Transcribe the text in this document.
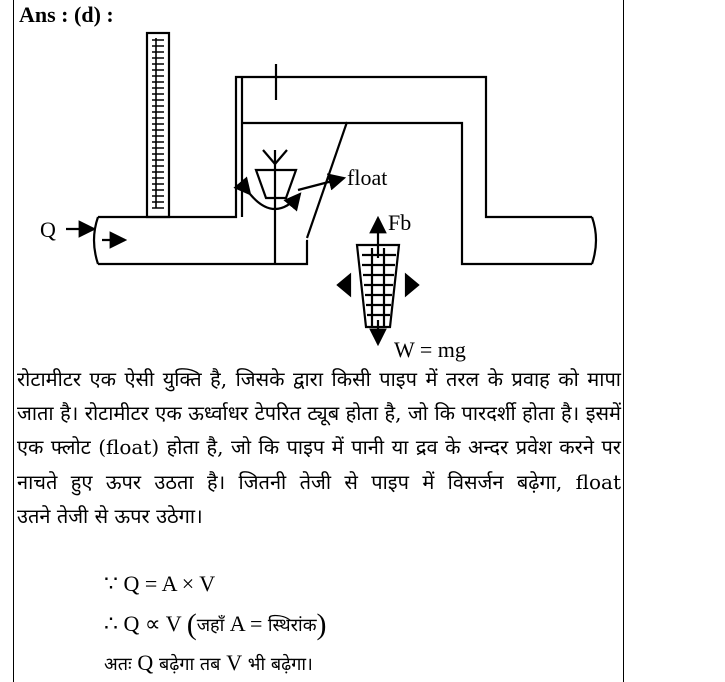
Ans : (d) :
Q
float
Fb
W = mg
रोटामीटर एक ऐसी युक्ति है, जिसके द्वारा किसी पाइप में तरल के प्रवाह को मापा जाता है। रोटामीटर एक ऊर्ध्वाधर टेपरित ट्यूब होता है, जो कि पारदर्शी होता है। इसमें एक फ्लोट (float) होता है, जो कि पाइप में पानी या द्रव के अन्दर प्रवेश करने पर नाचते हुए ऊपर उठता है। जितनी तेजी से पाइप में विसर्जन बढ़ेगा, float
उतने तेजी से ऊपर उठेगा।
∵ Q = A × V
∴ Q ∝ V (जहाँ A = स्थिरांक)
अतः Q बढ़ेगा तब V भी बढ़ेगा।
